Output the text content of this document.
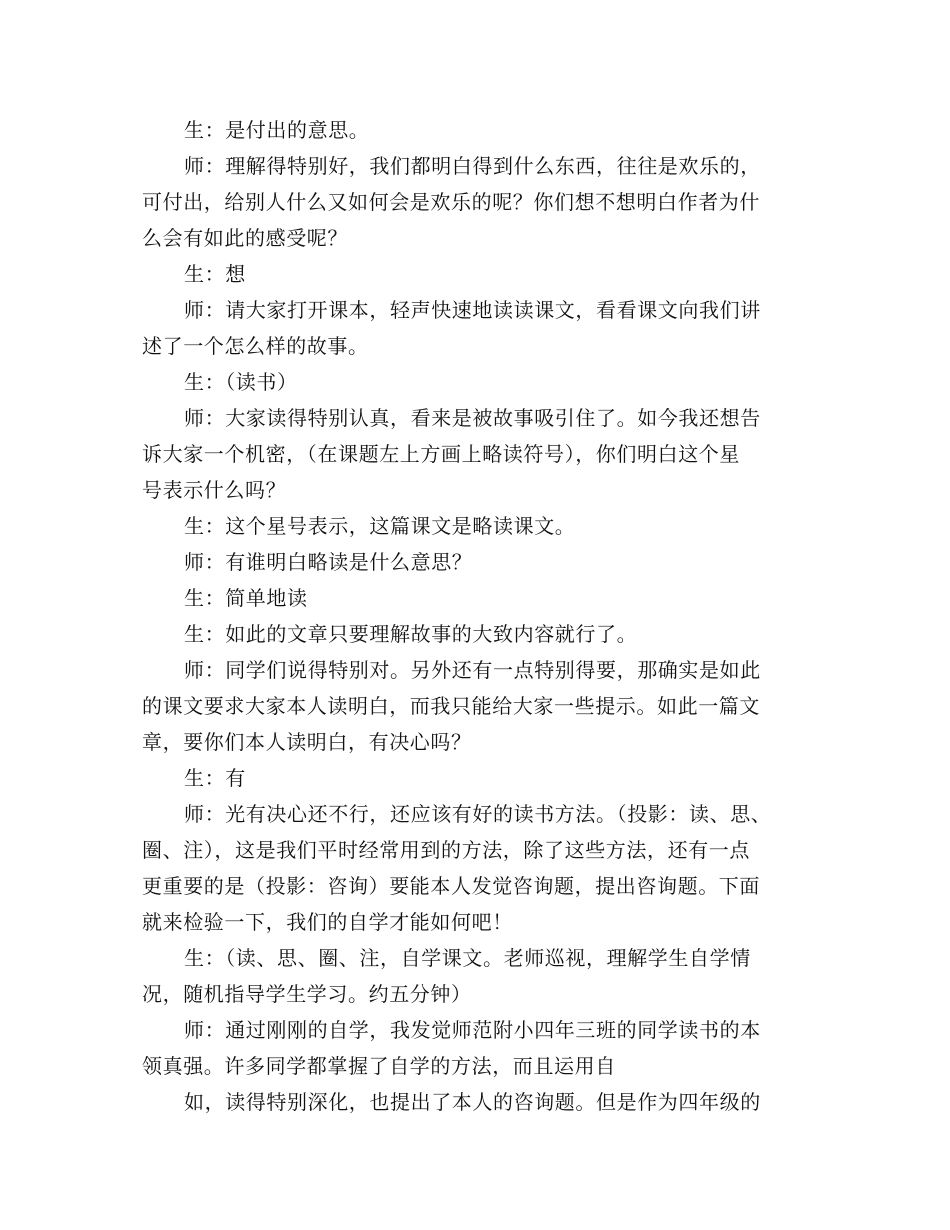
生：是付出的意思。
师：理解得特别好，我们都明白得到什么东西，往往是欢乐的，
可付出，给别人什么又如何会是欢乐的呢？你们想不想明白作者为什
么会有如此的感受呢？
生：想
师：请大家打开课本，轻声快速地读读课文，看看课文向我们讲
述了一个怎么样的故事。
生：（读书）
师：大家读得特别认真，看来是被故事吸引住了。如今我还想告
诉大家一个机密，（在课题左上方画上略读符号），你们明白这个星
号表示什么吗？
生：这个星号表示，这篇课文是略读课文。
师：有谁明白略读是什么意思？
生：简单地读
生：如此的文章只要理解故事的大致内容就行了。
师：同学们说得特别对。另外还有一点特别得要，那确实是如此
的课文要求大家本人读明白，而我只能给大家一些提示。如此一篇文
章，要你们本人读明白，有决心吗？
生：有
师：光有决心还不行，还应该有好的读书方法。（投影：读、思、
圈、注），这是我们平时经常用到的方法，除了这些方法，还有一点
更重要的是（投影：咨询）要能本人发觉咨询题，提出咨询题。下面
就来检验一下，我们的自学才能如何吧！
生：（读、思、圈、注，自学课文。老师巡视，理解学生自学情
况，随机指导学生学习。约五分钟）
师：通过刚刚的自学，我发觉师范附小四年三班的同学读书的本
领真强。许多同学都掌握了自学的方法，而且运用自
如，读得特别深化，也提出了本人的咨询题。但是作为四年级的
